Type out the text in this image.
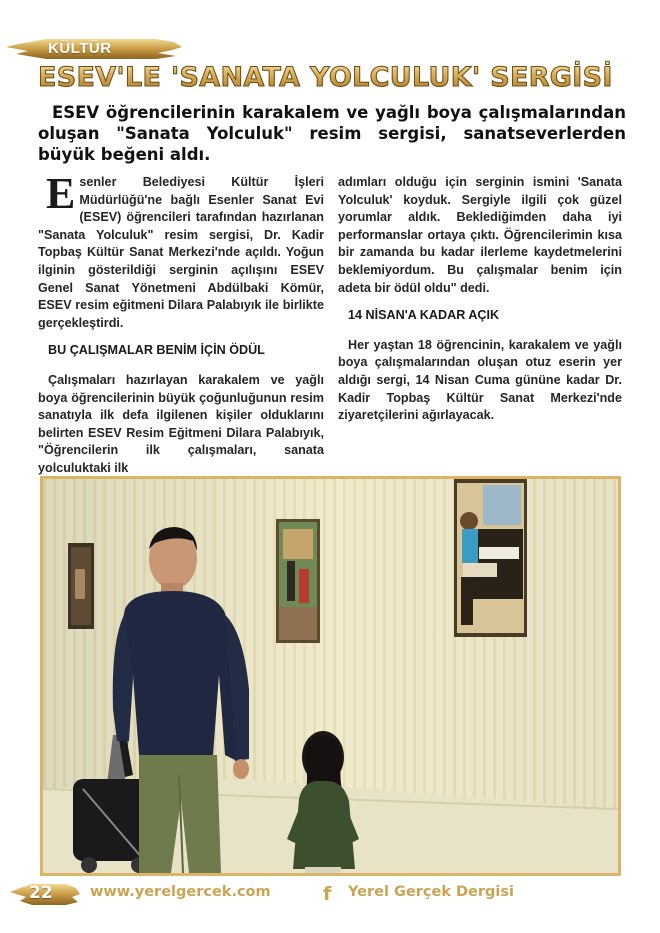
KÜLTÜR
ESEV'LE 'SANATA YOLCULUK' SERGİSİ

ESEV öğrencilerinin karakalem ve yağlı boya çalışmalarından oluşan "Sanata Yolculuk" resim sergisi, sanatseverlerden büyük beğeni aldı.

Esenler Belediyesi Kültür İşleri Müdürlüğü'ne bağlı Esenler Sanat Evi (ESEV) öğrencileri tarafından hazırlanan "Sanata Yolculuk" resim sergisi, Dr. Kadir Topbaş Kültür Sanat Merkezi'nde açıldı. Yoğun ilginin gösterildiği serginin açılışını ESEV Genel Sanat Yönetmeni Abdülbaki Kömür, ESEV resim eğitmeni Dilara Palabıyık ile birlikte gerçekleştirdi.

BU ÇALIŞMALAR BENİM İÇİN ÖDÜL

Çalışmaları hazırlayan karakalem ve yağlı boya öğrencilerinin büyük çoğunluğunun resim sanatıyla ilk defa ilgilenen kişiler olduklarını belirten ESEV Resim Eğitmeni Dilara Palabıyık, "Öğrencilerin ilk çalışmaları, sanata yolculuktaki ilk

adımları olduğu için serginin ismini 'Sanata Yolculuk' koyduk. Sergiyle ilgili çok güzel yorumlar aldık. Beklediğimden daha iyi performanslar ortaya çıktı. Öğrencilerimin kısa bir zamanda bu kadar ilerleme kaydetmelerini beklemiyordum. Bu çalışmalar benim için adeta bir ödül oldu" dedi.

14 NİSAN'A KADAR AÇIK

Her yaştan 18 öğrencinin, karakalem ve yağlı boya çalışmalarından oluşan otuz eserin yer aldığı sergi, 14 Nisan Cuma gününe kadar Dr. Kadir Topbaş Kültür Sanat Merkezi'nde ziyaretçilerini ağırlayacak.

22	www.yerelgercek.com	f Yerel Gerçek Dergisi
